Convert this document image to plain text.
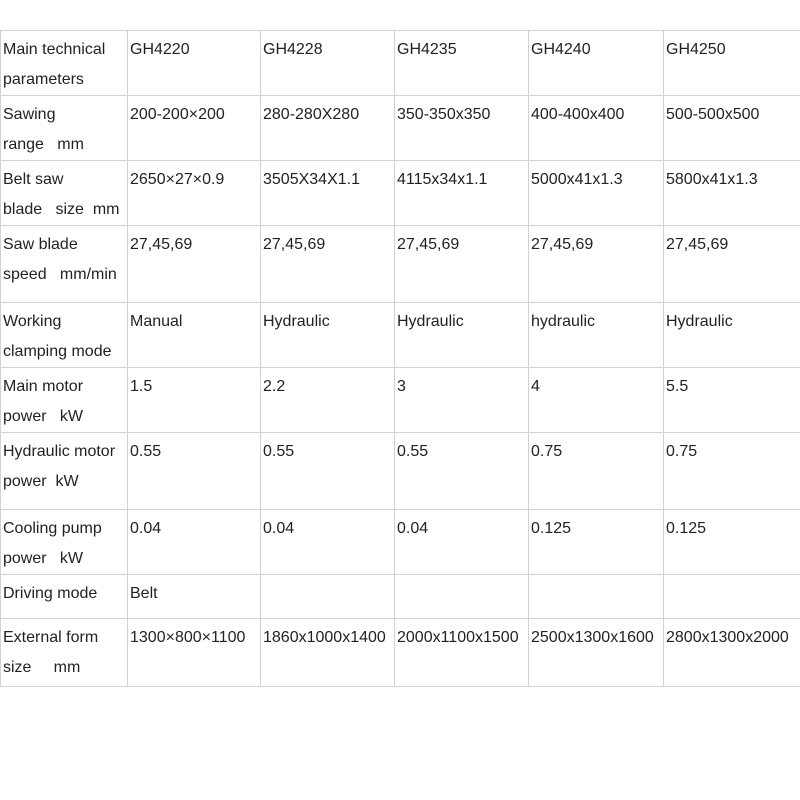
Main technical
parameters	GH4220	GH4228	GH4235	GH4240	GH4250
Sawing
range   mm	200-200×200	280-280X280	350-350x350	400-400x400	500-500x500
Belt saw
blade   size  mm	2650×27×0.9	3505X34X1.1	4115x34x1.1	5000x41x1.3	5800x41x1.3
Saw blade
speed   mm/min	27,45,69	27,45,69	27,45,69	27,45,69	27,45,69
Working
clamping mode	Manual	Hydraulic	Hydraulic	hydraulic	Hydraulic
Main motor
power   kW	1.5	2.2	3	4	5.5
Hydraulic motor
power  kW	0.55	0.55	0.55	0.75	0.75
Cooling pump
power   kW	0.04	0.04	0.04	0.125	0.125
Driving mode	Belt				
External form
size     mm	1300×800×1100	1860x1000x1400	2000x1100x1500	2500x1300x1600	2800x1300x2000
